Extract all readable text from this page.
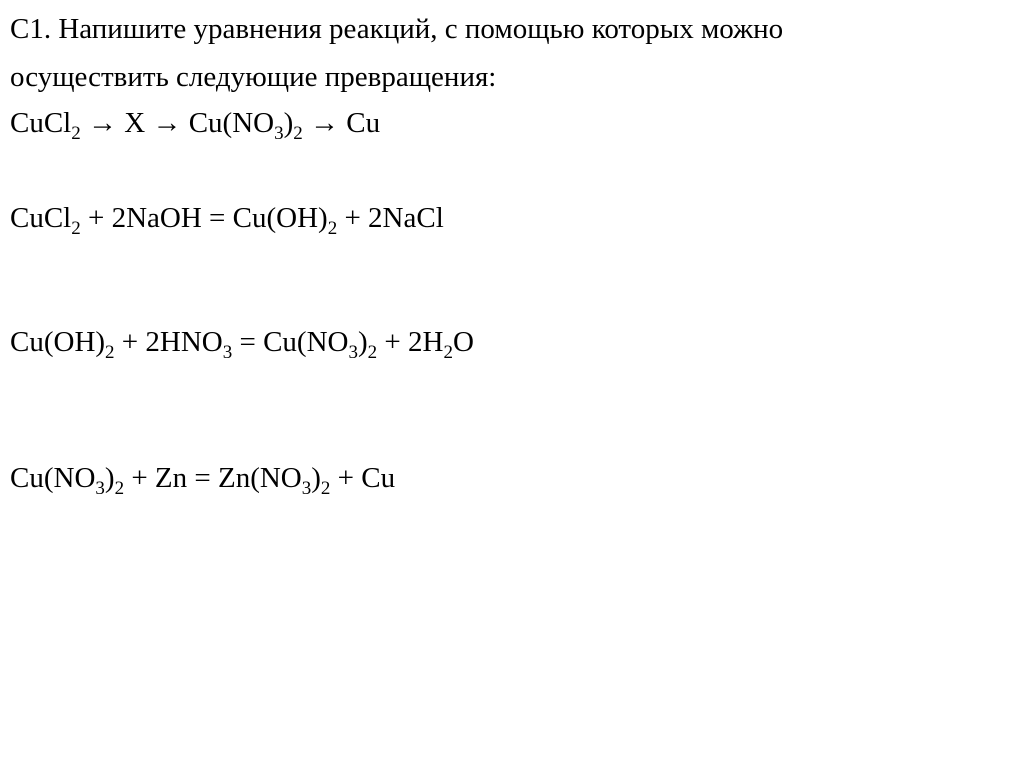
С1. Напишите уравнения реакций, с помощью которых можно
осуществить следующие превращения:
CuCl$_2$ → $X \to Cu(NO_3)_2 \to Cu$
CuCl$_2$ + 2NaOH = $Cu(OH)_2$ + 2NaCl
$Cu(OH)_2 + 2HNO_3 = Cu(NO_3)_2 + 2H_2O$
$Cu(NO_3)_2 + Zn = Zn(NO_3)_2 + Cu$
